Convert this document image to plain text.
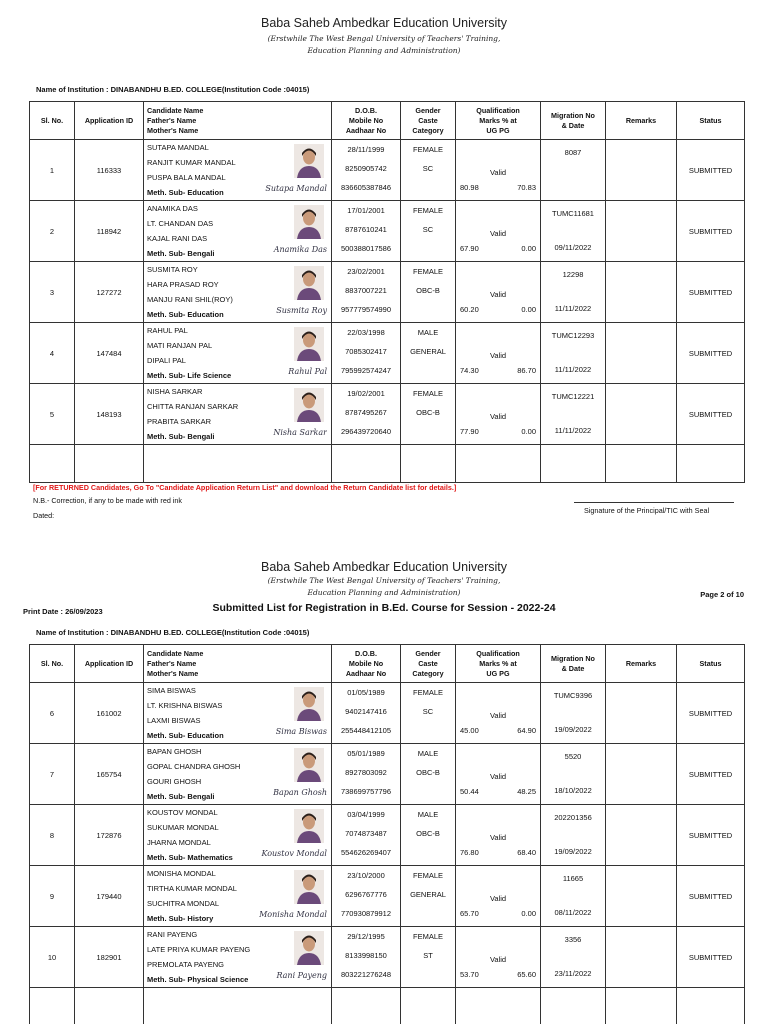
Baba Saheb Ambedkar Education University
(Erstwhile The West Bengal University of Teachers' Training,
Education Planning and Administration)
Name of Institution : DINABANDHU B.ED. COLLEGE(Institution Code :04015)
Sl. No.	Application ID	Candidate Name
Father's Name
Mother's Name	D.O.B.
Mobile No
Aadhaar No	Gender
Caste
Category	Qualification
Marks % at
UG PG	Migration No
& Date	Remarks	Status
1	116333	SUTAPA MANDAL
RANJIT KUMAR MANDAL
PUSPA BALA MANDAL
Meth. Sub- Education Sutapa Mandal	28/11/1999
8250905742
836605387846	FEMALE
SC	Valid
80.98 70.83	8087		SUBMITTED
2	118942	ANAMIKA DAS
LT. CHANDAN DAS
KAJAL RANI DAS
Meth. Sub- Bengali Anamika Das	17/01/2001
8787610241
500388017586	FEMALE
SC	Valid
67.90 0.00	TUMC11681
09/11/2022		SUBMITTED
3	127272	SUSMITA ROY
HARA PRASAD ROY
MANJU RANI SHIL(ROY)
Meth. Sub- Education Susmita Roy	23/02/2001
8837007221
957779574990	FEMALE
OBC-B	Valid
60.20 0.00	12298
11/11/2022		SUBMITTED
4	147484	RAHUL PAL
MATI RANJAN PAL
DIPALI PAL
Meth. Sub- Life Science Rahul Pal	22/03/1998
7085302417
795992574247	MALE
GENERAL	Valid
74.30 86.70	TUMC12293
11/11/2022		SUBMITTED
5	148193	NISHA SARKAR
CHITTA RANJAN SARKAR
PRABITA SARKAR
Meth. Sub- Bengali Nisha Sarkar	19/02/2001
8787495267
296439720640	FEMALE
OBC-B	Valid
77.90 0.00	TUMC12221
11/11/2022		SUBMITTED

[For RETURNED Candidates, Go To "Candidate Application Return List" and download the Return Candidate list for details.]
N.B.- Correction, if any to be made with red ink
Signature of the Principal/TIC with Seal
Dated:
Baba Saheb Ambedkar Education University
(Erstwhile The West Bengal University of Teachers' Training,
Education Planning and Administration)	Page 2 of 10
Print Date : 26/09/2023	Submitted List for Registration in B.Ed. Course for Session - 2022-24
Name of Institution : DINABANDHU B.ED. COLLEGE(Institution Code :04015)
Sl. No.	Application ID	Candidate Name
Father's Name
Mother's Name	D.O.B.
Mobile No
Aadhaar No	Gender
Caste
Category	Qualification
Marks % at
UG PG	Migration No
& Date	Remarks	Status
6	161002	SIMA BISWAS
LT. KRISHNA BISWAS
LAXMI BISWAS
Meth. Sub- Education Sima Biswas	01/05/1989
9402147416
255448412105	FEMALE
SC	Valid
45.00 64.90	TUMC9396
19/09/2022		SUBMITTED
7	165754	BAPAN GHOSH
GOPAL CHANDRA GHOSH
GOURI GHOSH
Meth. Sub- Bengali Bapan Ghosh	05/01/1989
8927803092
738699757796	MALE
OBC-B	Valid
50.44 48.25	5520
18/10/2022		SUBMITTED
8	172876	KOUSTOV MONDAL
SUKUMAR MONDAL
JHARNA MONDAL
Meth. Sub- Mathematics Koustov Mondal	03/04/1999
7074873487
554626269407	MALE
OBC-B	Valid
76.80 68.40	202201356
19/09/2022		SUBMITTED
9	179440	MONISHA MONDAL
TIRTHA KUMAR MONDAL
SUCHITRA MONDAL
Meth. Sub- History Monisha Mondal	23/10/2000
6296767776
770930879912	FEMALE
GENERAL	Valid
65.70 0.00	11665
08/11/2022		SUBMITTED
10	182901	RANI PAYENG
LATE PRIYA KUMAR PAYENG
PREMOLATA PAYENG
Meth. Sub- Physical Science Rani Payeng	29/12/1995
8133998150
803221276248	FEMALE
ST	Valid
53.70 65.60	3356
23/11/2022		SUBMITTED
